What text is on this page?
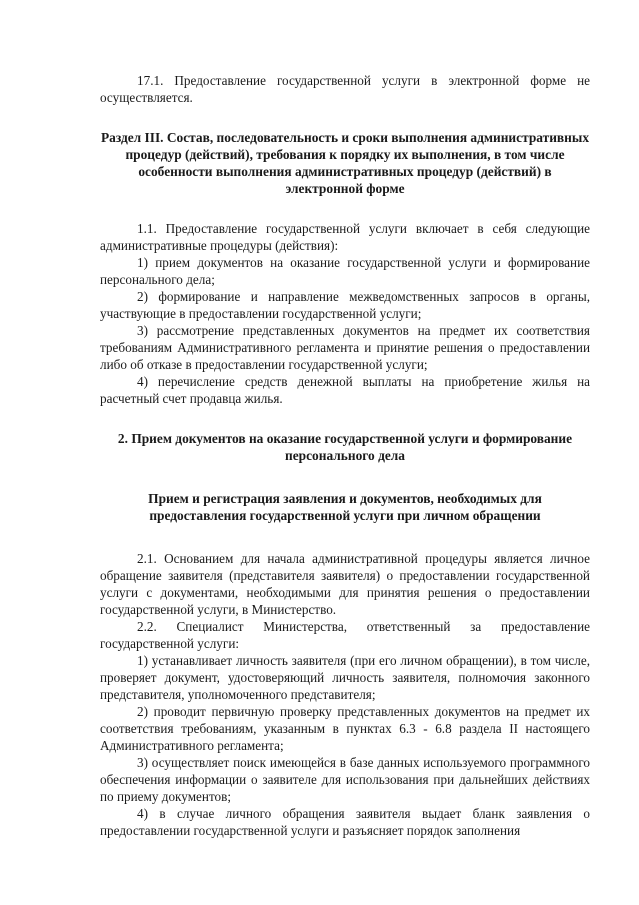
17.1. Предоставление государственной услуги в электронной форме не осуществляется.

Раздел III. Состав, последовательность и сроки выполнения административных процедур (действий), требования к порядку их выполнения, в том числе особенности выполнения административных процедур (действий) в электронной форме

1.1. Предоставление государственной услуги включает в себя следующие административные процедуры (действия):

1) прием документов на оказание государственной услуги и формирование персонального дела;

2) формирование и направление межведомственных запросов в органы, участвующие в предоставлении государственной услуги;

3) рассмотрение представленных документов на предмет их соответствия требованиям Административного регламента и принятие решения о предоставлении либо об отказе в предоставлении государственной услуги;

4) перечисление средств денежной выплаты на приобретение жилья на расчетный счет продавца жилья.

2. Прием документов на оказание государственной услуги и формирование персонального дела

Прием и регистрация заявления и документов, необходимых для предоставления государственной услуги при личном обращении

2.1. Основанием для начала административной процедуры является личное обращение заявителя (представителя заявителя) о предоставлении государственной услуги с документами, необходимыми для принятия решения о предоставлении государственной услуги, в Министерство.

2.2. Специалист Министерства, ответственный за предоставление государственной услуги:

1) устанавливает личность заявителя (при его личном обращении), в том числе, проверяет документ, удостоверяющий личность заявителя, полномочия законного представителя, уполномоченного представителя;

2) проводит первичную проверку представленных документов на предмет их соответствия требованиям, указанным в пунктах 6.3 - 6.8 раздела II настоящего Административного регламента;

3) осуществляет поиск имеющейся в базе данных используемого программного обеспечения информации о заявителе для использования при дальнейших действиях по приему документов;

4) в случае личного обращения заявителя выдает бланк заявления о предоставлении государственной услуги и разъясняет порядок заполнения
